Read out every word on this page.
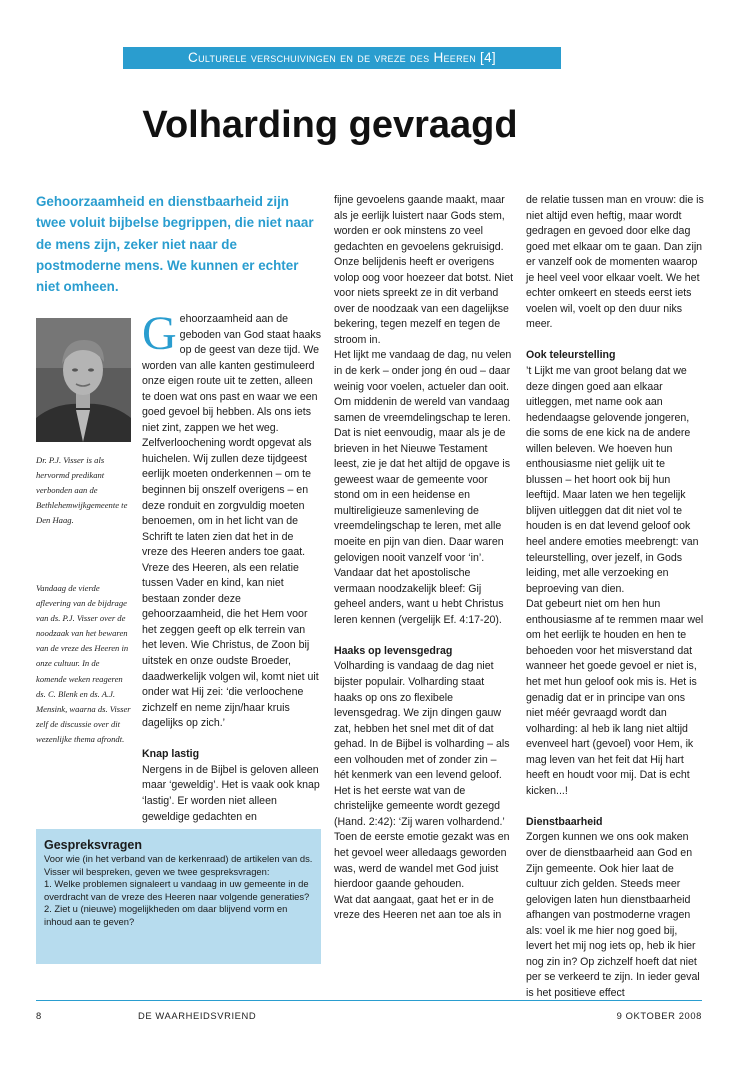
Culturele verschuivingen en de vreze des Heeren [4]
Volharding gevraagd

Gehoorzaamheid en dienstbaarheid zijn twee voluit bijbelse begrippen, die niet naar de mens zijn, zeker niet naar de postmoderne mens. We kunnen er echter niet omheen.

Dr. P.J. Visser is als hervormd predikant verbonden aan de Bethlehemwijkgemeente te Den Haag.

Vandaag de vierde aflevering van de bijdrage van ds. P.J. Visser over de noodzaak van het bewaren van de vreze des Heeren in onze cultuur. In de komende weken reageren ds. C. Blenk en ds. A.J. Mensink, waarna ds. Visser zelf de discussie over dit wezenlijke thema afrondt.

Gehoorzaamheid aan de geboden van God staat haaks op de geest van deze tijd. We worden van alle kanten gestimuleerd onze eigen route uit te zetten, alleen te doen wat ons past en waar we een goed gevoel bij hebben. Als ons iets niet zint, zappen we het weg. Zelfverloochening wordt opgevat als huichelen. Wij zullen deze tijdgeest eerlijk moeten onderkennen – om te beginnen bij onszelf overigens – en deze ronduit en zorgvuldig moeten benoemen, om in het licht van de Schrift te laten zien dat het in de vreze des Heeren anders toe gaat. Vreze des Heeren, als een relatie tussen Vader en kind, kan niet bestaan zonder deze gehoorzaamheid, die het Hem voor het zeggen geeft op elk terrein van het leven. Wie Christus, de Zoon bij uitstek en onze oudste Broeder, daadwerkelijk volgen wil, komt niet uit onder wat Hij zei: ‘die verloochene zichzelf en neme zijn/haar kruis dagelijks op zich.’

Knap lastig

Nergens in de Bijbel is geloven alleen maar ‘geweldig’. Het is vaak ook knap ‘lastig’. Er worden niet alleen geweldige gedachten en

fijne gevoelens gaande maakt, maar als je eerlijk luistert naar Gods stem, worden er ook minstens zo veel gedachten en gevoelens gekruisigd. Onze belijdenis heeft er overigens volop oog voor hoezeer dat botst. Niet voor niets spreekt ze in dit verband over de noodzaak van een dagelijkse bekering, tegen mezelf en tegen de stroom in.

Het lijkt me vandaag de dag, nu velen in de kerk – onder jong én oud – daar weinig voor voelen, actueler dan ooit. Om middenin de wereld van vandaag samen de vreemdelingschap te leren. Dat is niet eenvoudig, maar als je de brieven in het Nieuwe Testament leest, zie je dat het altijd de opgave is geweest waar de gemeente voor stond om in een heidense en multireligieuze samenleving de vreemdelingschap te leren, met alle moeite en pijn van dien. Daar waren gelovigen nooit vanzelf voor ‘in’. Vandaar dat het apostolische vermaan noodzakelijk bleef: Gij geheel anders, want u hebt Christus leren kennen (vergelijk Ef. 4:17-20).

Haaks op levensgedrag

Volharding is vandaag de dag niet bijster populair. Volharding staat haaks op ons zo flexibele levensgedrag. We zijn dingen gauw zat, hebben het snel met dit of dat gehad. In de Bijbel is volharding – als een volhouden met of zonder zin – hét kenmerk van een levend geloof.

Het is het eerste wat van de christelijke gemeente wordt gezegd (Hand. 2:42): ‘Zij waren volhardend.’ Toen de eerste emotie gezakt was en het gevoel weer alledaags geworden was, werd de wandel met God juist hierdoor gaande gehouden.

Wat dat aangaat, gaat het er in de vreze des Heeren net aan toe als in

de relatie tussen man en vrouw: die is niet altijd even heftig, maar wordt gedragen en gevoed door elke dag goed met elkaar om te gaan. Dan zijn er vanzelf ook de momenten waarop je heel veel voor elkaar voelt. We het echter omkeert en steeds eerst iets voelen wil, voelt op den duur niks meer.

Ook teleurstelling

’t Lijkt me van groot belang dat we deze dingen goed aan elkaar uitleggen, met name ook aan hedendaagse gelovende jongeren, die soms de ene kick na de andere willen beleven. We hoeven hun enthousiasme niet gelijk uit te blussen – het hoort ook bij hun leeftijd. Maar laten we hen tegelijk blijven uitleggen dat dit niet vol te houden is en dat levend geloof ook heel andere emoties meebrengt: van teleurstelling, over jezelf, in Gods leiding, met alle verzoeking en beproeving van dien.

Dat gebeurt niet om hen hun enthousiasme af te remmen maar wel om het eerlijk te houden en hen te behoeden voor het misverstand dat wanneer het goede gevoel er niet is, het met hun geloof ook mis is. Het is genadig dat er in principe van ons niet méér gevraagd wordt dan volharding: al heb ik lang niet altijd evenveel hart (gevoel) voor Hem, ik mag leven van het feit dat Hij hart heeft en houdt voor mij. Dat is echt kicken...!

Dienstbaarheid

Zorgen kunnen we ons ook maken over de dienstbaarheid aan God en Zijn gemeente. Ook hier laat de cultuur zich gelden. Steeds meer gelovigen laten hun dienstbaarheid afhangen van postmoderne vragen als: voel ik me hier nog goed bij, levert het mij nog iets op, heb ik hier nog zin in? Op zichzelf hoeft dat niet per se verkeerd te zijn. In ieder geval is het positieve effect

Gespreksvragen

Voor wie (in het verband van de kerkenraad) de artikelen van ds. Visser wil bespreken, geven we twee gespreksvragen:

1. Welke problemen signaleert u vandaag in uw gemeente in de overdracht van de vreze des Heeren naar volgende generaties?

2. Ziet u (nieuwe) mogelijkheden om daar blijvend vorm en inhoud aan te geven?

8	DE WAARHEIDSVRIEND	9 OKTOBER 2008
